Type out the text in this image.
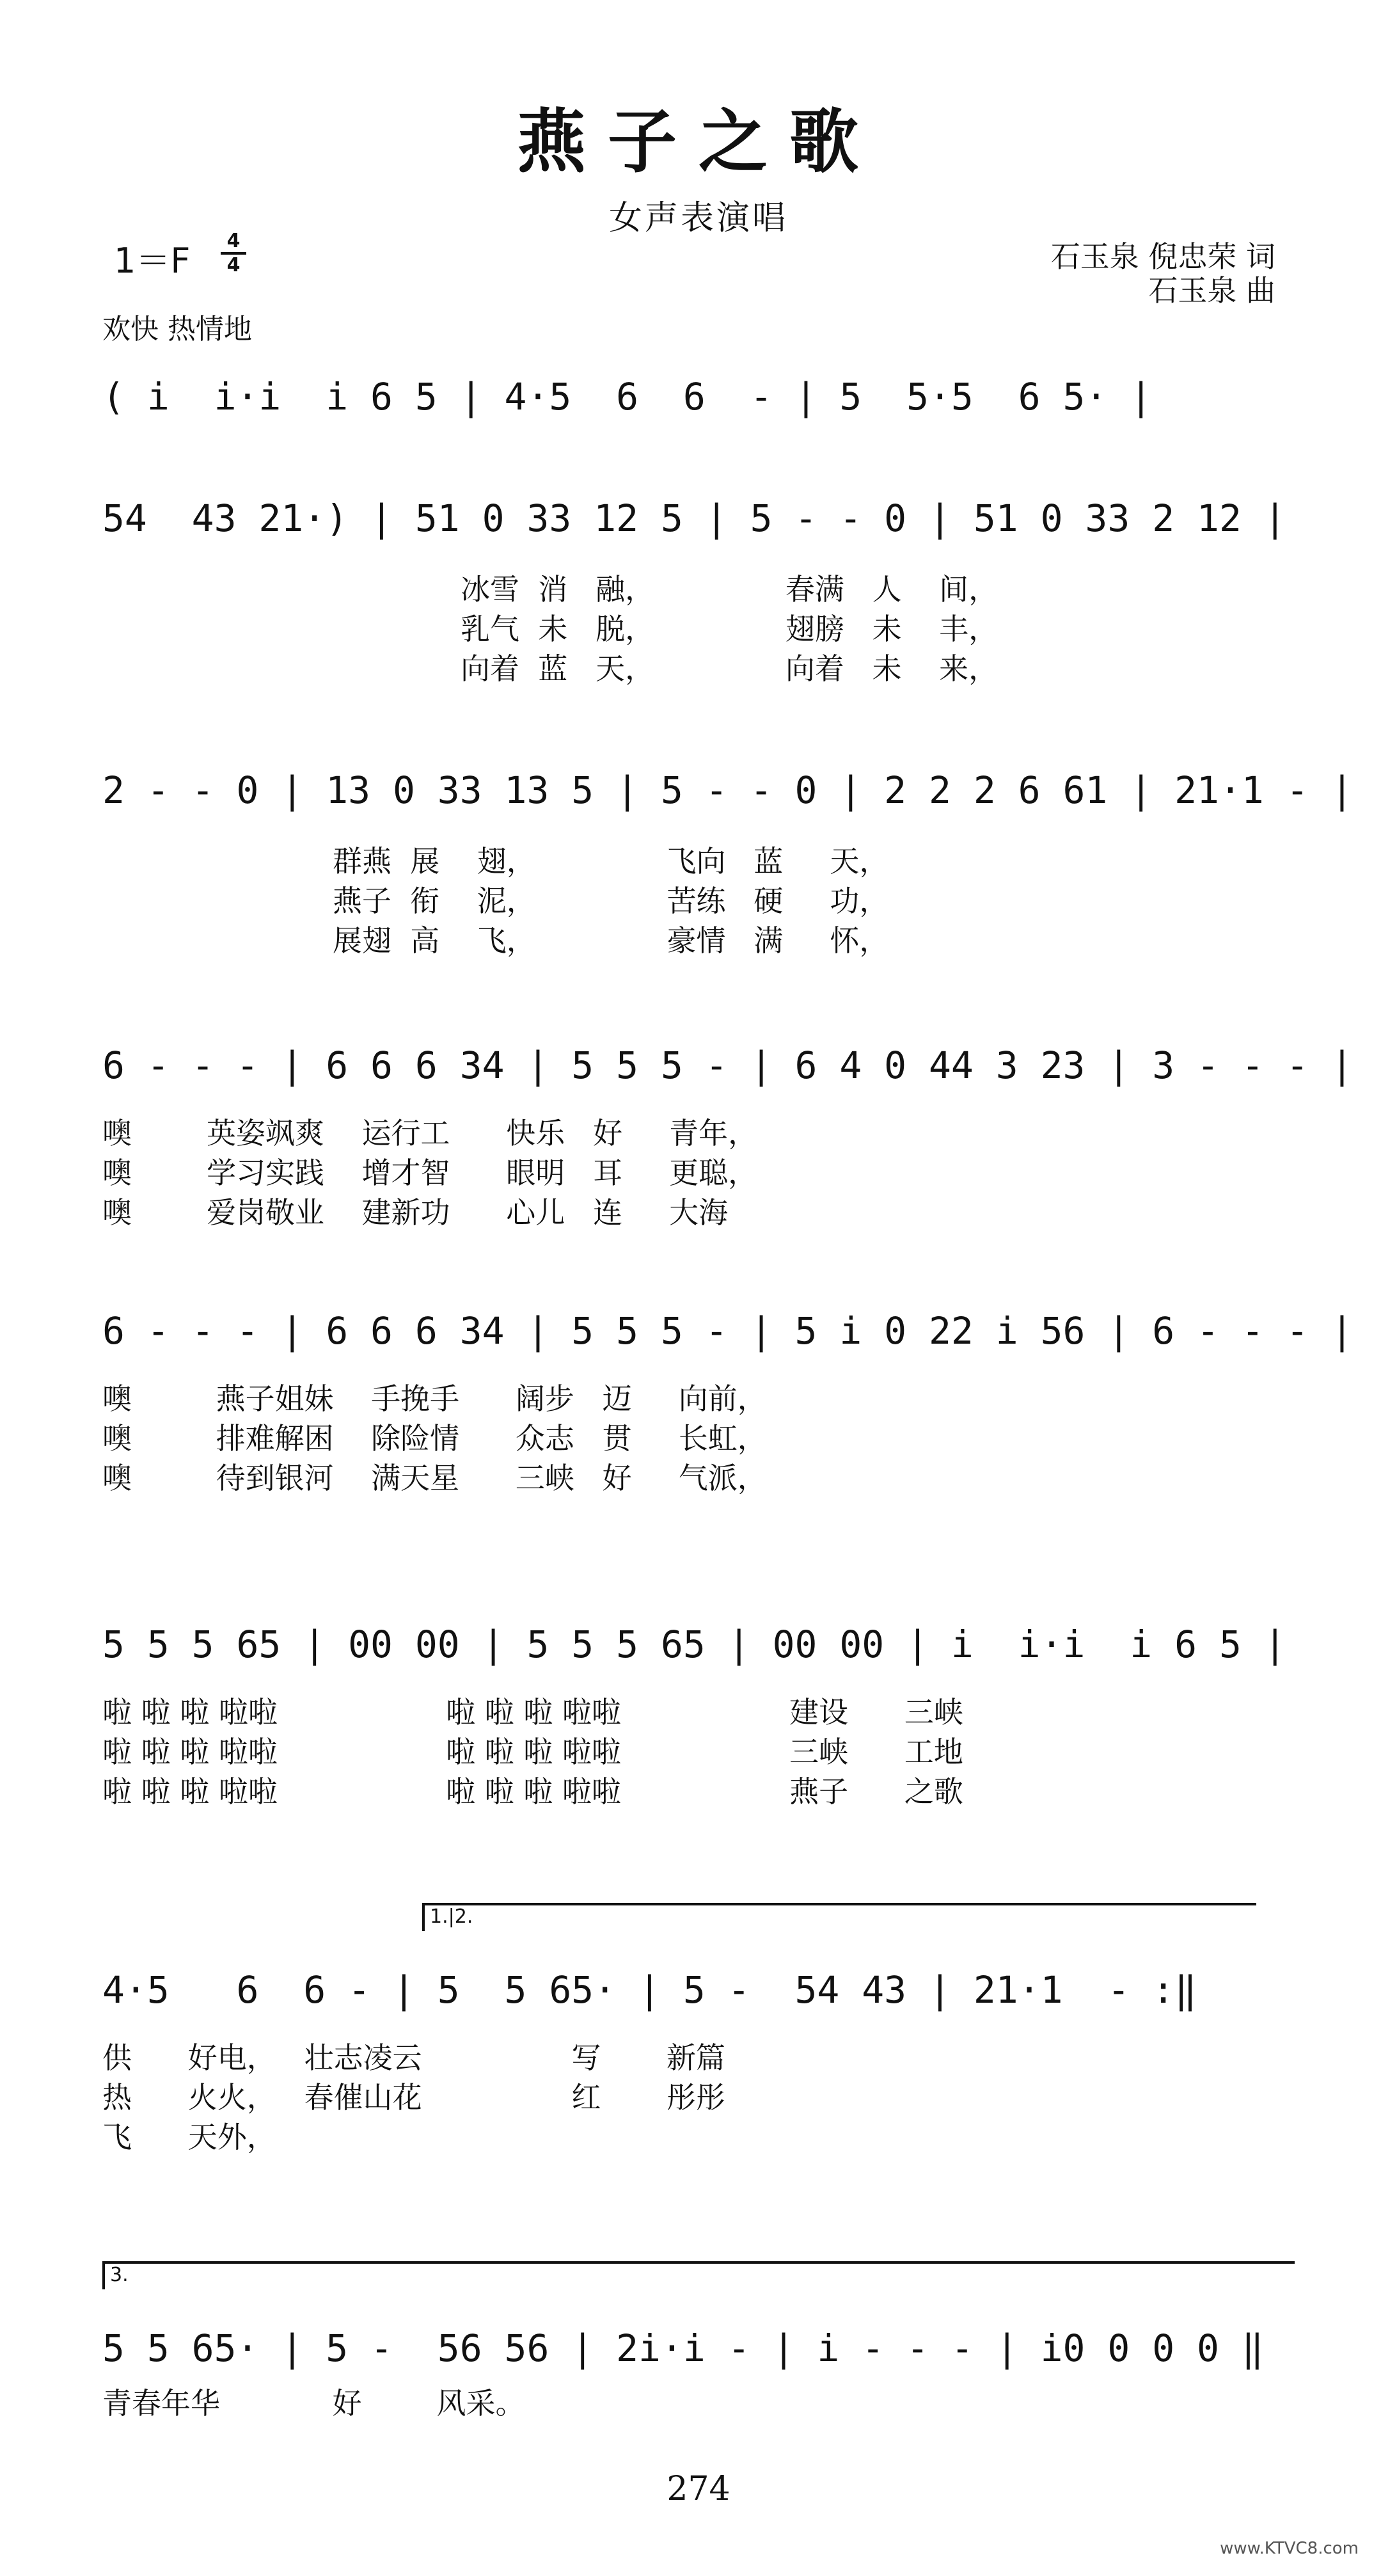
燕子之歌
女声表演唱
1＝F	4
4	石玉泉 倪忠荣 词
石玉泉 曲
欢快 热情地
( i  i·i  i 6 5 | 4·5  6  6  - | 5  5·5  6 5· |
54  43 21·) | 51 0 33 12 5 | 5 - - 0 | 51 0 33 2 12 |
冰雪  消   融，              春满   人    间，
乳气  未   脱，              翅膀   未    丰，
向着  蓝   天，              向着   未    来，
2 - - 0 | 13 0 33 13 5 | 5 - - 0 | 2 2 2 6 61 | 21·1 - |
群燕  展    翅，              飞向   蓝     天，
燕子  衔    泥，              苦练   硬     功，
展翅  高    飞，              豪情   满     怀，
6 - - - | 6 6 6 34 | 5 5 5 - | 6 4 0 44 3 23 | 3 - - - |
噢        英姿飒爽    运行工      快乐   好     青年，
噢        学习实践    增才智      眼明   耳     更聪，
噢        爱岗敬业    建新功      心儿   连     大海
6 - - - | 6 6 6 34 | 5 5 5 - | 5 i 0 22 i 56 | 6 - - - |
噢         燕子姐妹    手挽手      阔步   迈     向前，
噢         排难解困    除险情      众志   贯     长虹，
噢         待到银河    满天星      三峡   好     气派，
5 5 5 65 | 00 00 | 5 5 5 65 | 00 00 | i  i·i  i 6 5 |
啦 啦 啦 啦啦                  啦 啦 啦 啦啦                  建设      三峡
啦 啦 啦 啦啦                  啦 啦 啦 啦啦                  三峡      工地
啦 啦 啦 啦啦                  啦 啦 啦 啦啦                  燕子      之歌
1.|2.
4·5   6  6 - | 5  5 65· | 5 -  54 43 | 21·1  - :‖
供      好电，   壮志凌云                写       新篇
热      火火，   春催山花                红       彤彤
飞      天外，
3.
5 5 65· | 5 -  56 56 | 2i·i - | i - - - | i0 0 0 0 ‖
青春年华            好        风采。
274
www.KTVC8.com
